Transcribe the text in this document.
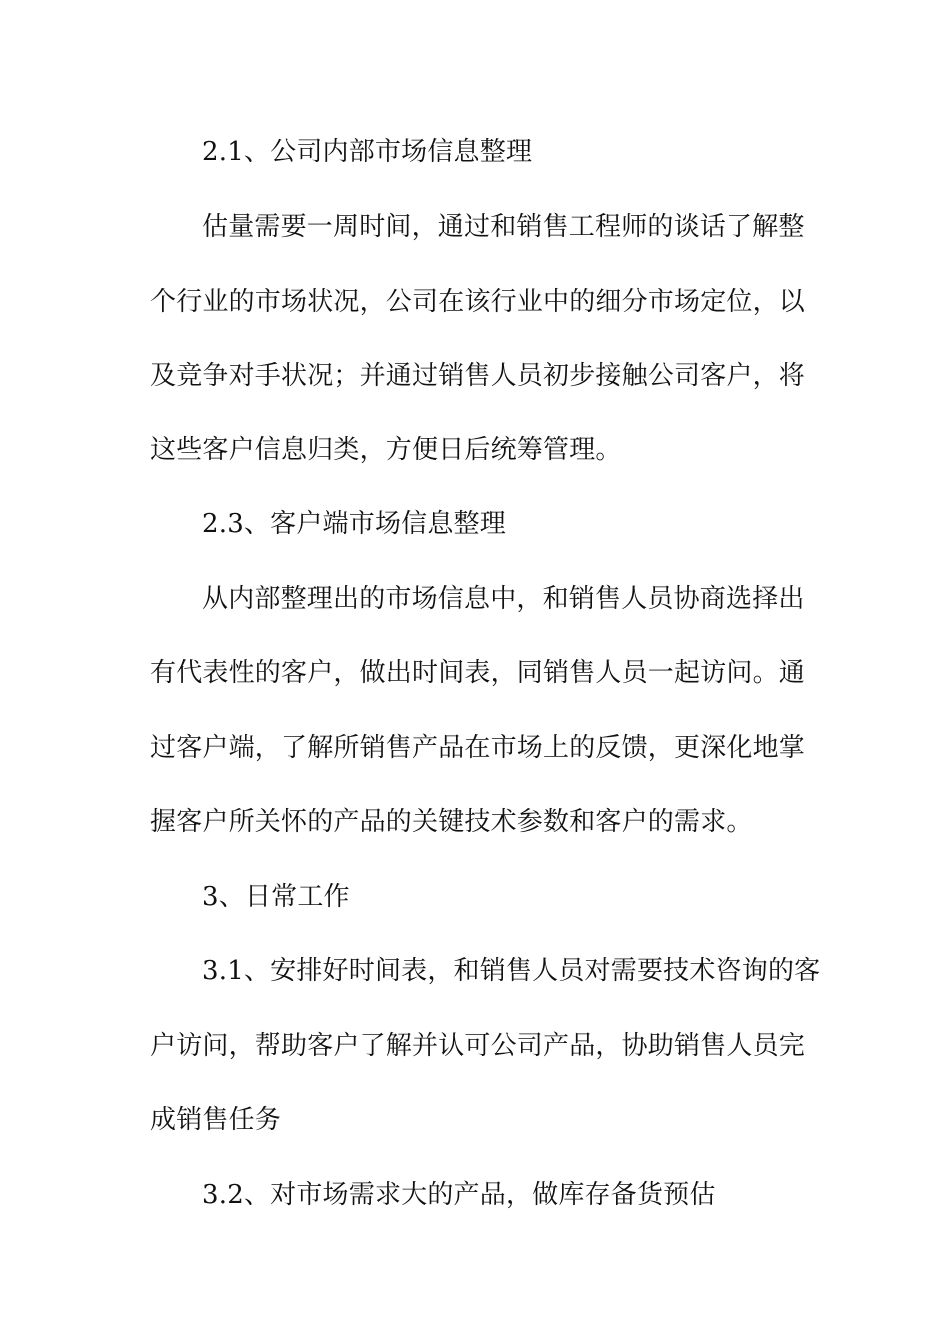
2.1、公司内部市场信息整理
估量需要一周时间，通过和销售工程师的谈话了解整
个行业的市场状况，公司在该行业中的细分市场定位，以
及竞争对手状况；并通过销售人员初步接触公司客户，将
这些客户信息归类，方便日后统筹管理。
2.3、客户端市场信息整理
从内部整理出的市场信息中，和销售人员协商选择出
有代表性的客户，做出时间表，同销售人员一起访问。通
过客户端，了解所销售产品在市场上的反馈，更深化地掌
握客户所关怀的产品的关键技术参数和客户的需求。
3、日常工作
3.1、安排好时间表，和销售人员对需要技术咨询的客
户访问，帮助客户了解并认可公司产品，协助销售人员完
成销售任务
3.2、对市场需求大的产品，做库存备货预估
